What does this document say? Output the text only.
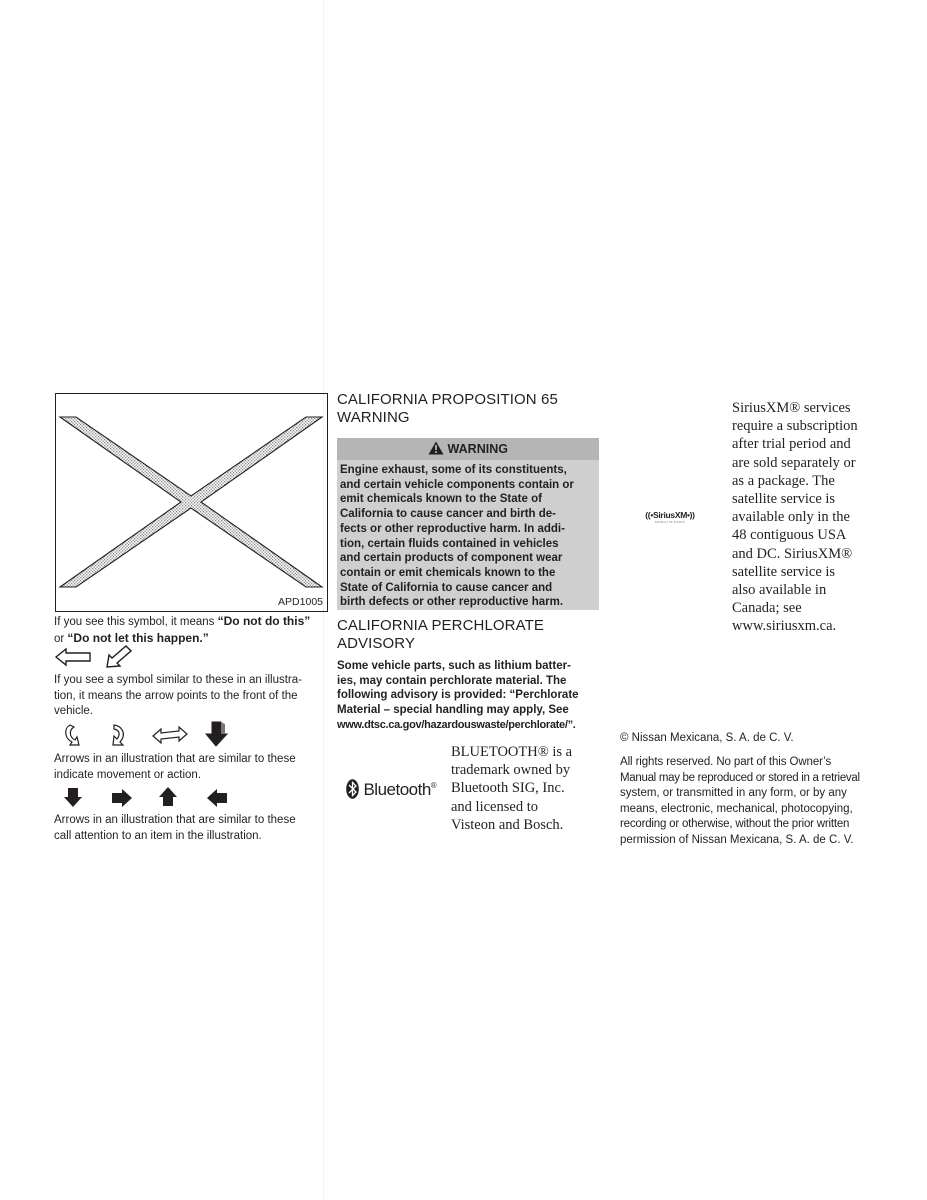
APD1005
If you see this symbol, it means “Do not do this”
or “Do not let this happen.”
If you see a symbol similar to these in an illustra-
tion, it means the arrow points to the front of the
vehicle.
Arrows in an illustration that are similar to these
indicate movement or action.
Arrows in an illustration that are similar to these
call attention to an item in the illustration.
CALIFORNIA PROPOSITION 65
WARNING
WARNING
Engine exhaust, some of its constituents,
and certain vehicle components contain or
emit chemicals known to the State of
California to cause cancer and birth de-
fects or other reproductive harm. In addi-
tion, certain fluids contained in vehicles
and certain products of component wear
contain or emit chemicals known to the
State of California to cause cancer and
birth defects or other reproductive harm.
CALIFORNIA PERCHLORATE
ADVISORY
Some vehicle parts, such as lithium batter-
ies, may contain perchlorate material. The
following advisory is provided: “Perchlorate
Material – special handling may apply, See
www.dtsc.ca.gov/hazardouswaste/perchlorate/”.
Bluetooth®
BLUETOOTH® is a
trademark owned by
Bluetooth SIG, Inc.
and licensed to
Visteon and Bosch.
((•SiriusXM•))
SATELLITE RADIO
SiriusXM® services
require a subscription
after trial period and
are sold separately or
as a package. The
satellite service is
available only in the
48 contiguous USA
and DC. SiriusXM®
satellite service is
also available in
Canada; see
www.siriusxm.ca.
© Nissan Mexicana, S. A. de C. V.
All rights reserved. No part of this Owner’s
Manual may be reproduced or stored in a retrieval
system, or transmitted in any form, or by any
means, electronic, mechanical, photocopying,
recording or otherwise, without the prior written
permission of Nissan Mexicana, S. A. de C. V.
